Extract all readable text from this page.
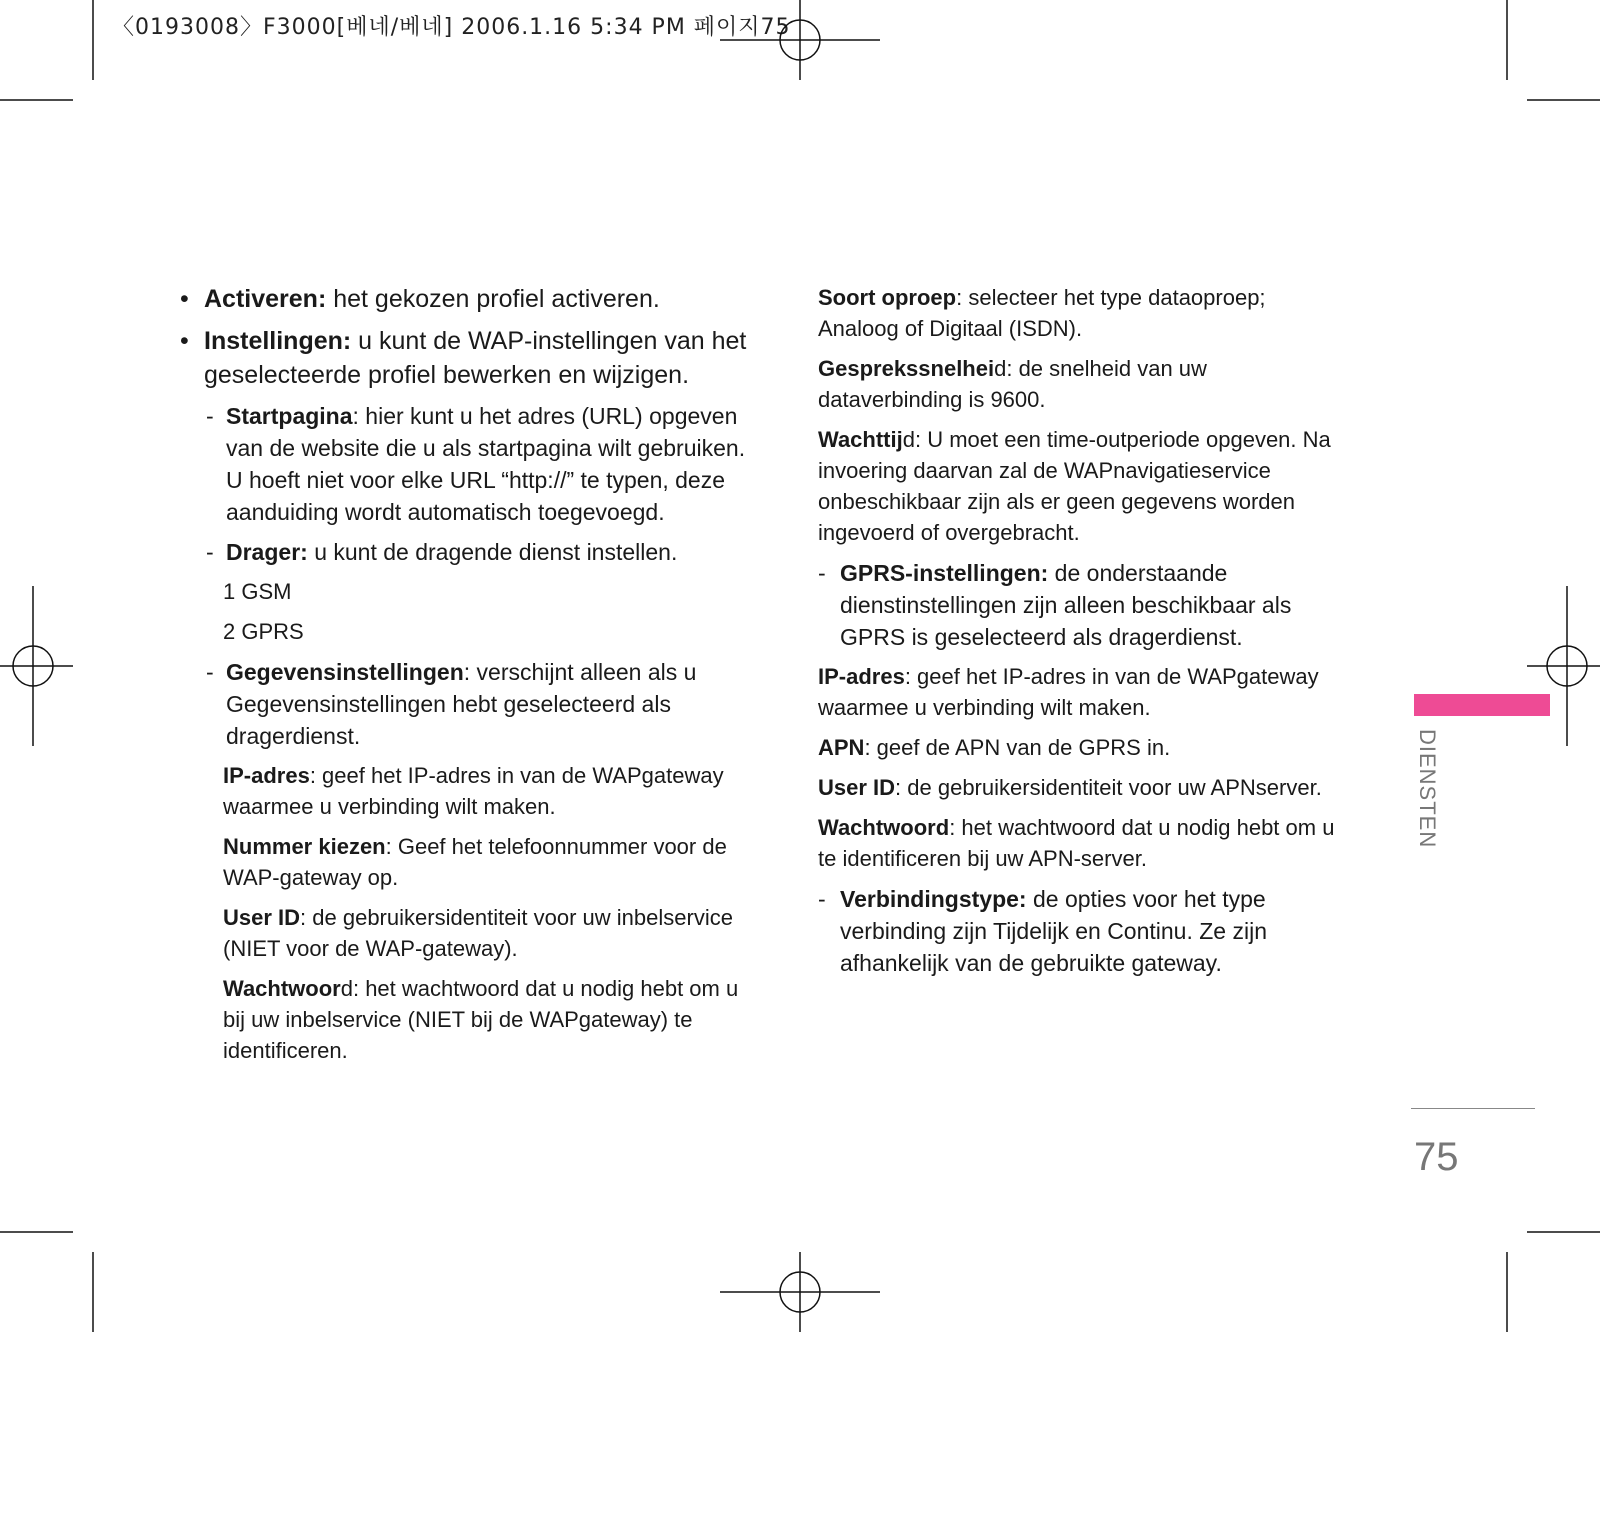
〈0193008〉F3000[베네/베네] 2006.1.16 5:34 PM 페이지75

• Activeren: het gekozen profiel activeren.

• Instellingen: u kunt de WAP-instellingen van het geselecteerde profiel bewerken en wijzigen.

- Startpagina: hier kunt u het adres (URL) opgeven van de website die u als startpagina wilt gebruiken. U hoeft niet voor elke URL “http://” te typen, deze aanduiding wordt automatisch toegevoegd.

- Drager: u kunt de dragende dienst instellen.

1 GSM

2 GPRS

- Gegevensinstellingen: verschijnt alleen als u Gegevensinstellingen hebt geselecteerd als dragerdienst.

IP-adres: geef het IP-adres in van de WAPgateway waarmee u verbinding wilt maken.

Nummer kiezen: Geef het telefoonnummer voor de WAP-gateway op.

User ID: de gebruikersidentiteit voor uw inbelservice (NIET voor de WAP-gateway).

Wachtwoord: het wachtwoord dat u nodig hebt om u bij uw inbelservice (NIET bij de WAPgateway) te identificeren.

Soort oproep: selecteer het type dataoproep; Analoog of Digitaal (ISDN).

Gesprekssnelheid: de snelheid van uw dataverbinding is 9600.

Wachttijd: U moet een time-outperiode opgeven. Na invoering daarvan zal de WAPnavigatieservice onbeschikbaar zijn als er geen gegevens worden ingevoerd of overgebracht.

- GPRS-instellingen: de onderstaande dienstinstellingen zijn alleen beschikbaar als GPRS is geselecteerd als dragerdienst.

IP-adres: geef het IP-adres in van de WAPgateway waarmee u verbinding wilt maken.

APN: geef de APN van de GPRS in.

User ID: de gebruikersidentiteit voor uw APNserver.

Wachtwoord: het wachtwoord dat u nodig hebt om u te identificeren bij uw APN-server.

- Verbindingstype: de opties voor het type verbinding zijn Tijdelijk en Continu. Ze zijn afhankelijk van de gebruikte gateway.

DIENSTEN
75
